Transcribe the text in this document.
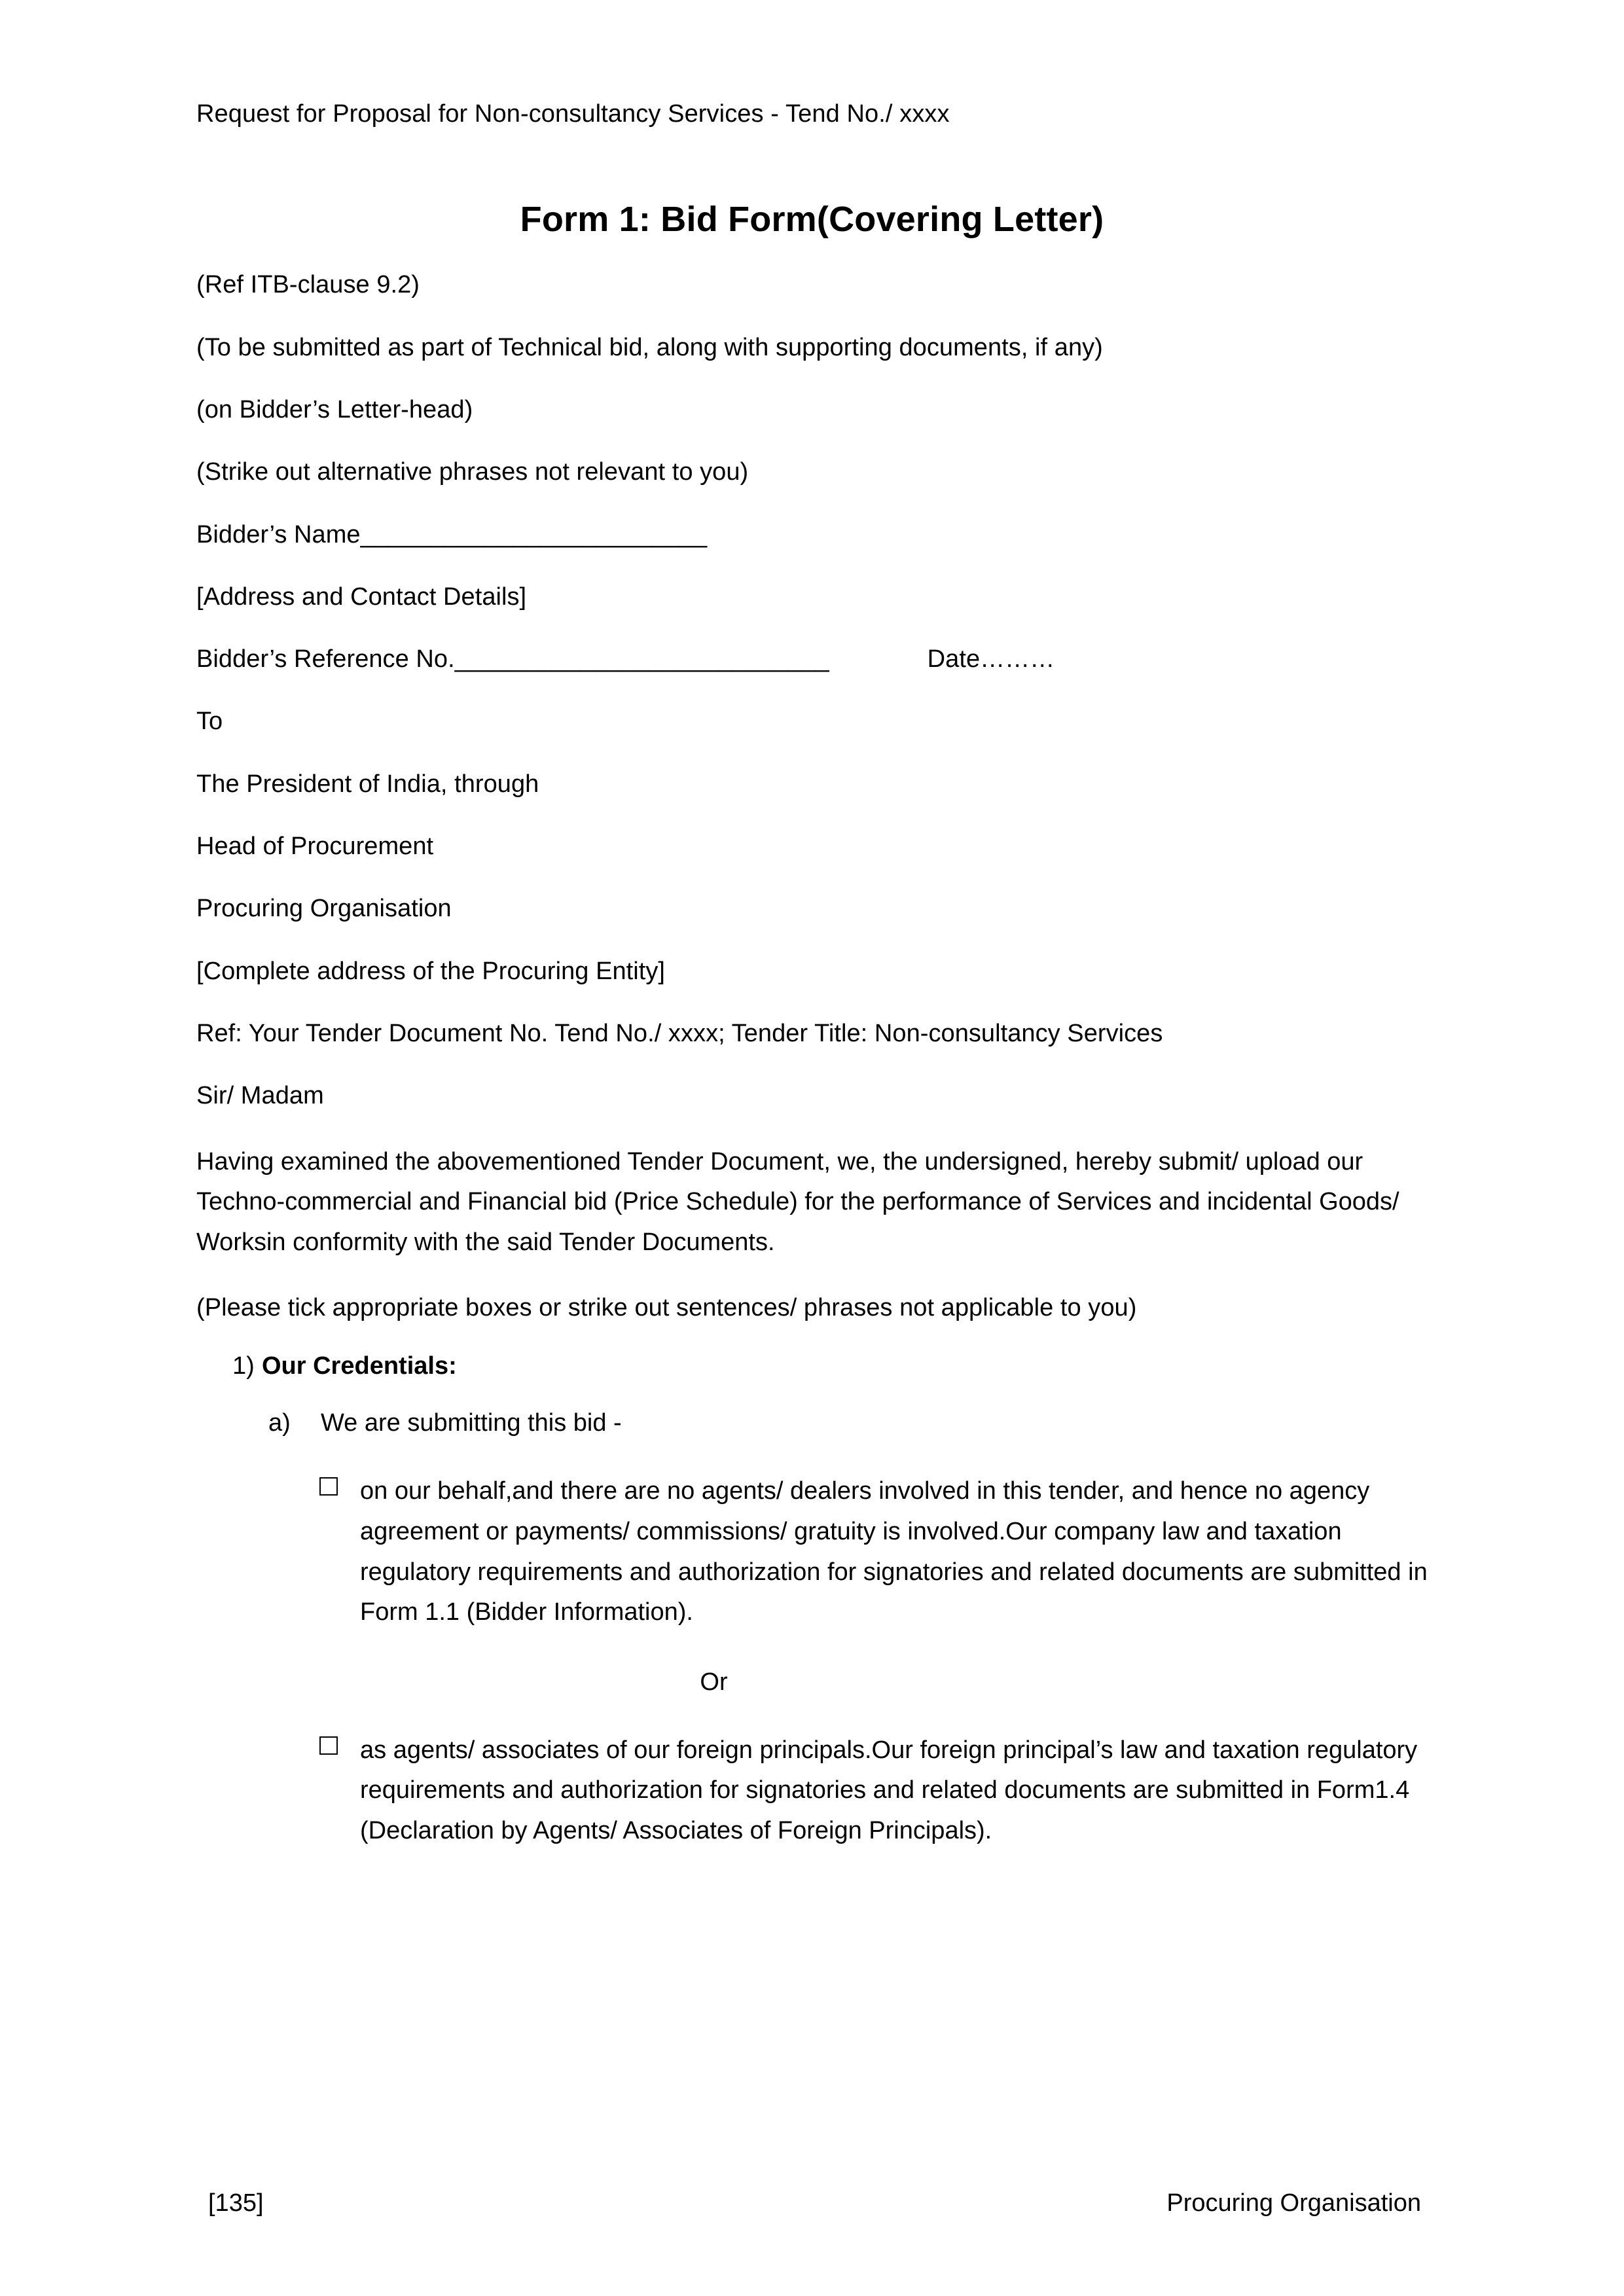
Request for Proposal for Non-consultancy Services - Tend No./ xxxx
Form 1: Bid Form(Covering Letter)

(Ref ITB-clause 9.2)

(To be submitted as part of Technical bid, along with supporting documents, if any)

(on Bidder’s Letter-head)

(Strike out alternative phrases not relevant to you)

Bidder’s Name_________________________

[Address and Contact Details]

Bidder’s Reference No.___________________________	Date………

To

The President of India, through

Head of Procurement

Procuring Organisation

[Complete address of the Procuring Entity]

Ref: Your Tender Document No. Tend No./ xxxx; Tender Title: Non-consultancy Services

Sir/ Madam

Having examined the abovementioned Tender Document, we, the undersigned, hereby submit/ upload our Techno-commercial and Financial bid (Price Schedule) for the performance of Services and incidental Goods/ Worksin conformity with the said Tender Documents.

(Please tick appropriate boxes or strike out sentences/ phrases not applicable to you)

1) Our Credentials:
a)	We are submitting this bid -
on our behalf,and there are no agents/ dealers involved in this tender, and hence no agency agreement or payments/ commissions/ gratuity is involved.Our company law and taxation regulatory requirements and authorization for signatories and related documents are submitted in Form 1.1 (Bidder Information).
Or
as agents/ associates of our foreign principals.Our foreign principal’s law and taxation regulatory requirements and authorization for signatories and related documents are submitted in Form1.4 (Declaration by Agents/ Associates of Foreign Principals).
[135]	Procuring Organisation
